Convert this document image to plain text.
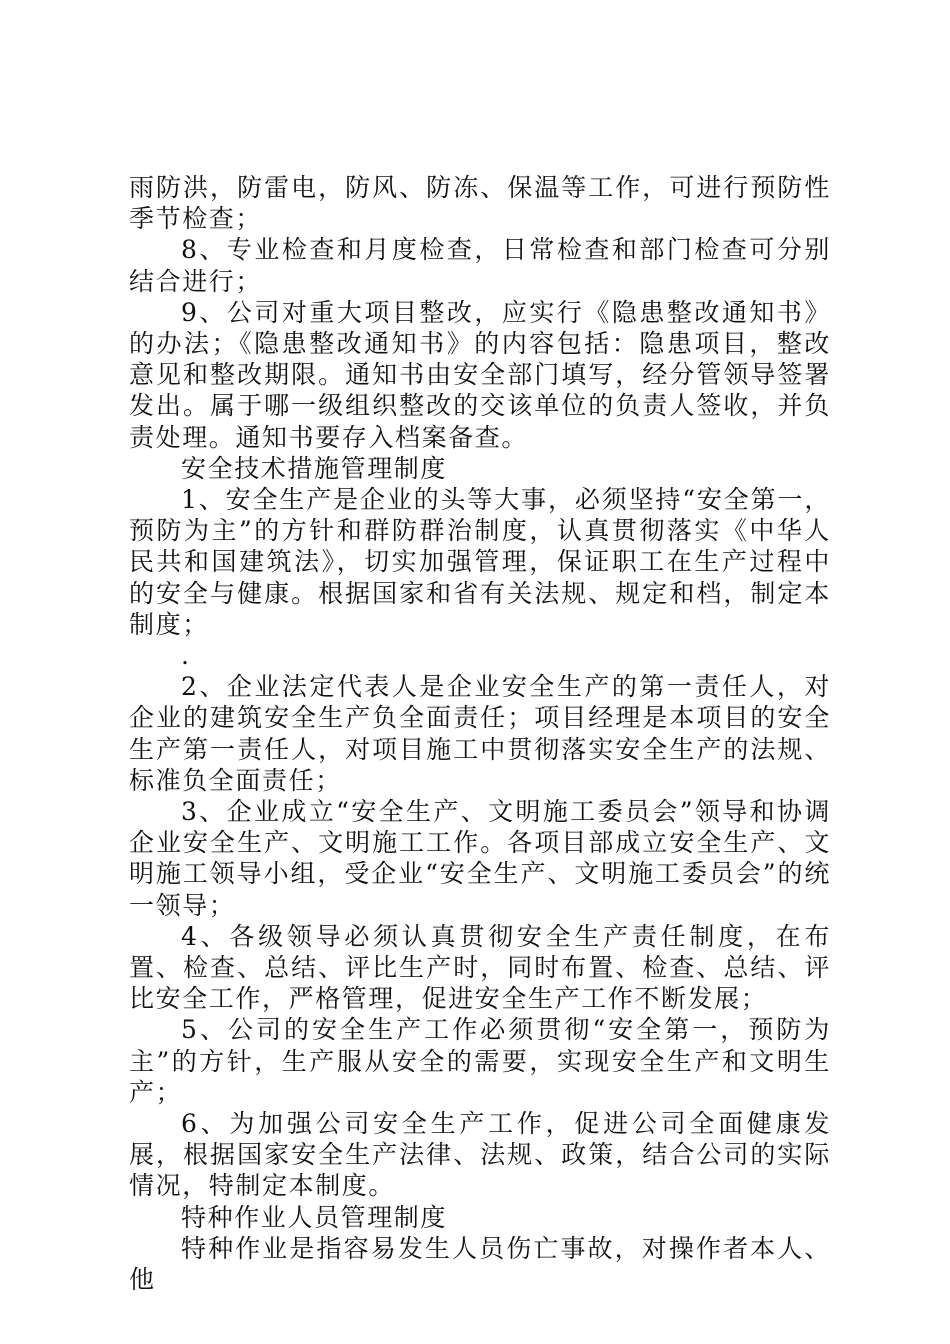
雨防洪，防雷电，防风、防冻、保温等工作，可进行预防性季节检查；

8、专业检查和月度检查，日常检查和部门检查可分别结合进行；

9、公司对重大项目整改，应实行《隐患整改通知书》的办法；《隐患整改通知书》的内容包括：隐患项目，整改意见和整改期限。通知书由安全部门填写，经分管领导签署发出。属于哪一级组织整改的交该单位的负责人签收，并负责处理。通知书要存入档案备查。

安全技术措施管理制度

1、安全生产是企业的头等大事，必须坚持“安全第一，预防为主”的方针和群防群治制度，认真贯彻落实《中华人民共和国建筑法》，切实加强管理，保证职工在生产过程中的安全与健康。根据国家和省有关法规、规定和档，制定本制度；

.

2、企业法定代表人是企业安全生产的第一责任人，对企业的建筑安全生产负全面责任；项目经理是本项目的安全生产第一责任人，对项目施工中贯彻落实安全生产的法规、标准负全面责任；

3、企业成立“安全生产、文明施工委员会”领导和协调企业安全生产、文明施工工作。各项目部成立安全生产、文明施工领导小组，受企业“安全生产、文明施工委员会”的统一领导；

4、各级领导必须认真贯彻安全生产责任制度，在布置、检查、总结、评比生产时，同时布置、检查、总结、评比安全工作，严格管理，促进安全生产工作不断发展；

5、公司的安全生产工作必须贯彻“安全第一，预防为主”的方针，生产服从安全的需要，实现安全生产和文明生产；

6、为加强公司安全生产工作，促进公司全面健康发展，根据国家安全生产法律、法规、政策，结合公司的实际情况，特制定本制度。

特种作业人员管理制度

特种作业是指容易发生人员伤亡事故，对操作者本人、他
